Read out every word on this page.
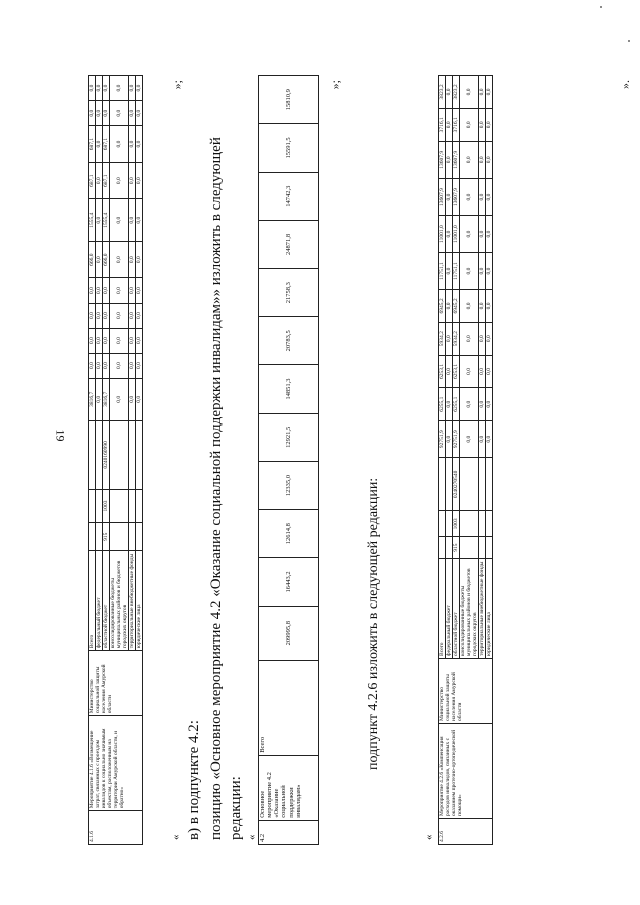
19
4.1.6	Мероприятие 4.1.6 «Возмещение затрат, связанных с проездом инвалидов к социально значимым объектам, расположенным на территории Амурской области, и обратно»	Министерство социальной защиты населения Амурской области	Всего				3816,7	0,0	0,0	0,0	0,0	666,0	1555,4	687,1	687,1	0,0	0,0
			федеральный бюджет				0,0	0,0	0,0	0,0	0,0	0,0	0,0	0,0	0,0	0,0	0,0
			областной бюджет	915	1003	0240160990	3816,7	0,0	0,0	0,0	0,0	666,0	1555,4	687,1	687,1	0,0	0,0
			консолидированные бюджеты муниципальных районов и бюджетов городских округов				0,0	0,0	0,0	0,0	0,0	0,0	0,0	0,0	0,0	0,0	0,0
			территориальные внебюджетные фонды				0,0	0,0	0,0	0,0	0,0	0,0	0,0	0,0	0,0	0,0	0,0
			юридические лица				0,0	0,0	0,0	0,0	0,0	0,0	0,0	0,0	0,0	0,0	0,0
«
»;
в) в подпункте 4.2: позицию «Основное мероприятие 4.2 «Оказание социальной поддержки инвалидам»» изложить в следующей редакции: « 4.2	Основное мероприятие 4.2 «Оказание социальной поддержки инвалидам»	Всего	209995,8	16443,2	12614,8	12335,0	12921,5	14851,3	20783,5	21758,3	24871,8	14742,3	15591,5	15810,9
»;
подпункт 4.2.6 изложить в следующей редакции:
« 4.2.6	Мероприятие 4.2.6 «Компенсация расходов инвалидов, связанных с оказанием протезно-ортопедической помощи»	Министерство социальной защиты населения Амурской области	Всего				92751,9	6255,1	6253,1	5934,2	6945,2	11751,1	11001,0	13607,9	13607,9	3716,1	3823,2
			федеральный бюджет				0,0	0,0	0,0	0,0	0,0	0,0	0,0	0,0	0,0	0,0	0,0
			областной бюджет	915	1003	0240270540	92751,9	6255,1	6253,1	5934,2	6945,2	11751,1	11001,0	13607,9	13607,9	3716,1	3823,2
			консолидированные бюджеты муниципальных районов и бюджетов городских округов				0,0	0,0	0,0	0,0	0,0	0,0	0,0	0,0	0,0	0,0	0,0
			территориальные внебюджетные фонды				0,0	0,0	0,0	0,0	0,0	0,0	0,0	0,0	0,0	0,0	0,0
			юридические лица				0,0	0,0	0,0	0,0	0,0	0,0	0,0	0,0	0,0	0,0	0,0
».
